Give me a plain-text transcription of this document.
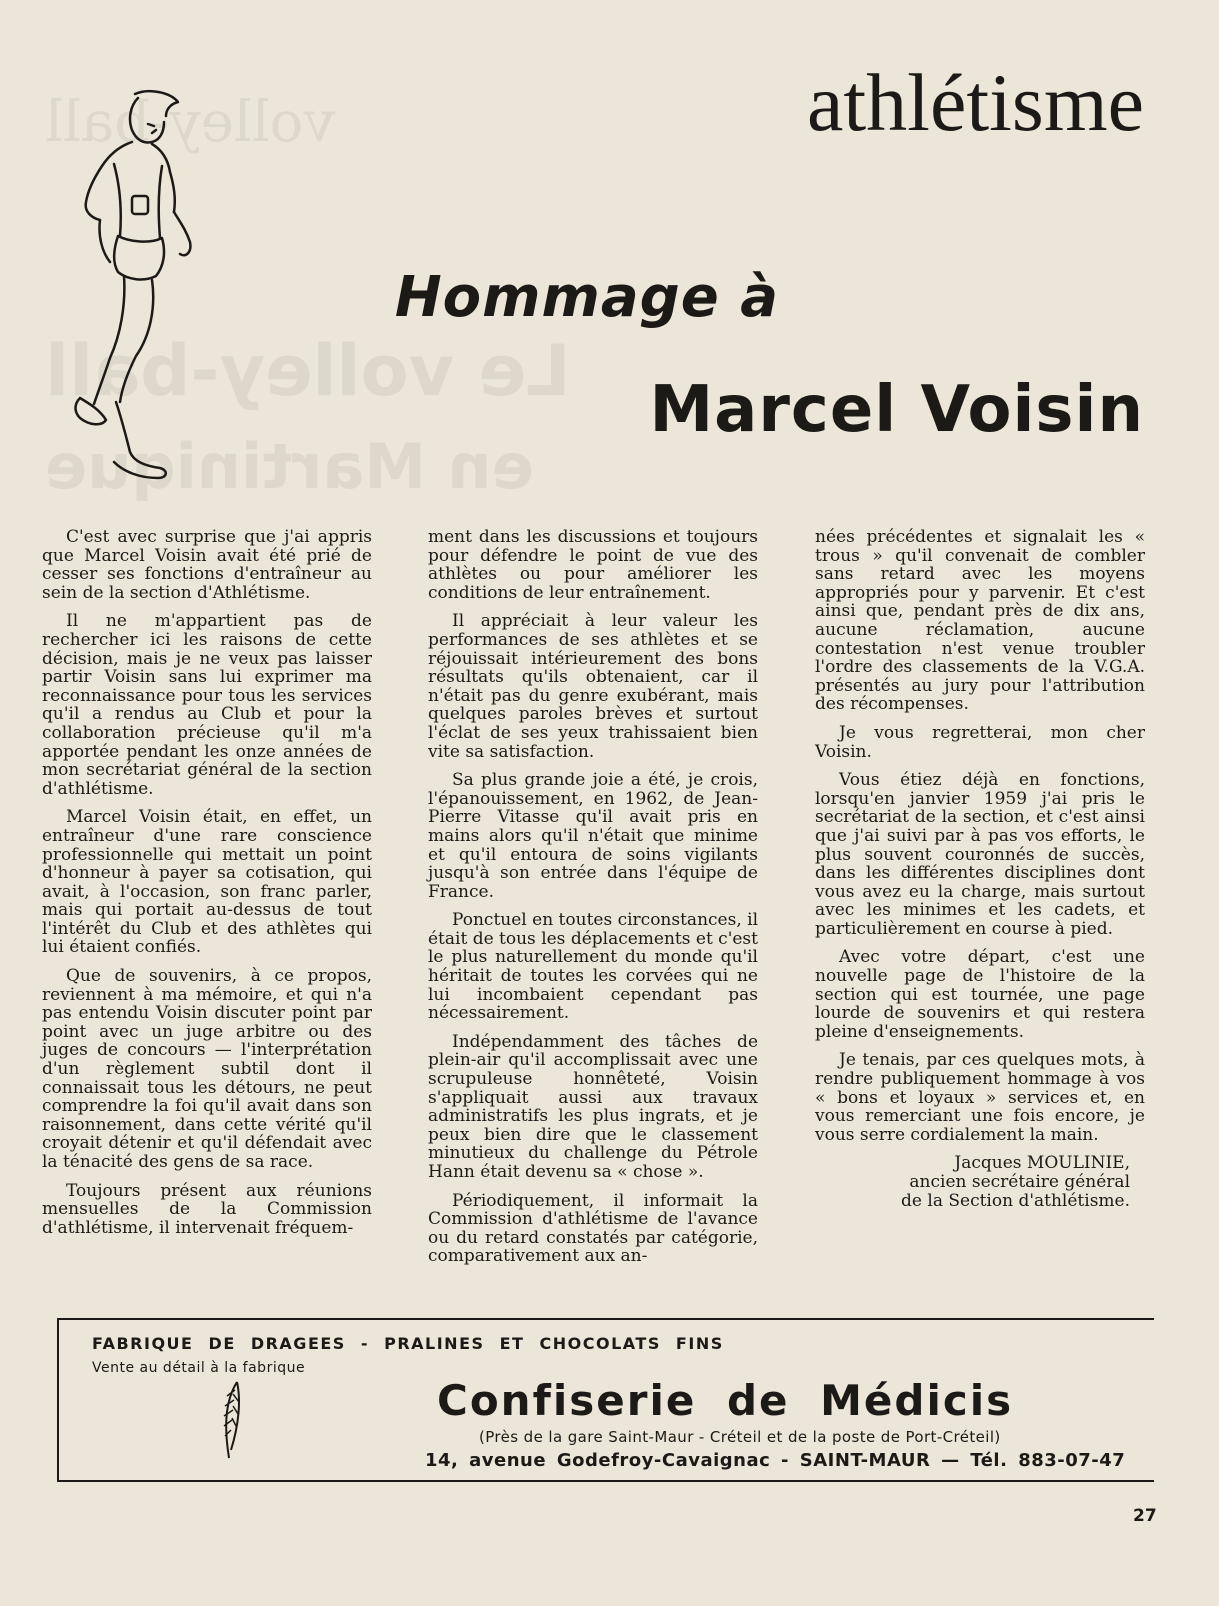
volley-ball
Le volley-ball
en Martinique
athlétisme
Hommage à
Marcel Voisin

C'est avec surprise que j'ai appris que Marcel Voisin avait été prié de cesser ses fonctions d'entraîneur au sein de la section d'Athlétisme.

Il ne m'appartient pas de rechercher ici les raisons de cette décision, mais je ne veux pas laisser partir Voisin sans lui exprimer ma reconnaissance pour tous les services qu'il a rendus au Club et pour la collaboration précieuse qu'il m'a apportée pendant les onze années de mon secrétariat général de la section d'athlétisme.

Marcel Voisin était, en effet, un entraîneur d'une rare conscience professionnelle qui mettait un point d'honneur à payer sa cotisation, qui avait, à l'occasion, son franc parler, mais qui portait au-dessus de tout l'intérêt du Club et des athlètes qui lui étaient confiés.

Que de souvenirs, à ce propos, reviennent à ma mémoire, et qui n'a pas entendu Voisin discuter point par point avec un juge arbitre ou des juges de concours — l'interprétation d'un règlement subtil dont il connaissait tous les détours, ne peut comprendre la foi qu'il avait dans son raisonnement, dans cette vérité qu'il croyait détenir et qu'il défendait avec la ténacité des gens de sa race.

Toujours présent aux réunions mensuelles de la Commission d'athlétisme, il intervenait fréquem-

ment dans les discussions et toujours pour défendre le point de vue des athlètes ou pour améliorer les conditions de leur entraînement.

Il appréciait à leur valeur les performances de ses athlètes et se réjouissait intérieurement des bons résultats qu'ils obtenaient, car il n'était pas du genre exubérant, mais quelques paroles brèves et surtout l'éclat de ses yeux trahissaient bien vite sa satisfaction.

Sa plus grande joie a été, je crois, l'épanouissement, en 1962, de Jean-Pierre Vitasse qu'il avait pris en mains alors qu'il n'était que minime et qu'il entoura de soins vigilants jusqu'à son entrée dans l'équipe de France.

Ponctuel en toutes circonstances, il était de tous les déplacements et c'est le plus naturellement du monde qu'il héritait de toutes les corvées qui ne lui incombaient cependant pas nécessairement.

Indépendamment des tâches de plein-air qu'il accomplissait avec une scrupuleuse honnêteté, Voisin s'appliquait aussi aux travaux administratifs les plus ingrats, et je peux bien dire que le classement minutieux du challenge du Pétrole Hann était devenu sa « chose ».

Périodiquement, il informait la Commission d'athlétisme de l'avance ou du retard constatés par catégorie, comparativement aux an-

nées précédentes et signalait les « trous » qu'il convenait de combler sans retard avec les moyens appropriés pour y parvenir. Et c'est ainsi que, pendant près de dix ans, aucune réclamation, aucune contestation n'est venue troubler l'ordre des classements de la V.G.A. présentés au jury pour l'attribution des récompenses.

Je vous regretterai, mon cher Voisin.

Vous étiez déjà en fonctions, lorsqu'en janvier 1959 j'ai pris le secrétariat de la section, et c'est ainsi que j'ai suivi par à pas vos efforts, le plus souvent couronnés de succès, dans les différentes disciplines dont vous avez eu la charge, mais surtout avec les minimes et les cadets, et particulièrement en course à pied.

Avec votre départ, c'est une nouvelle page de l'histoire de la section qui est tournée, une page lourde de souvenirs et qui restera pleine d'enseignements.

Je tenais, par ces quelques mots, à rendre publiquement hommage à vos « bons et loyaux » services et, en vous remerciant une fois encore, je vous serre cordialement la main.

Jacques MOULINIE,
ancien secrétaire général
de la Section d'athlétisme.
FABRIQUE DE DRAGEES - PRALINES ET CHOCOLATS FINS
Vente au détail à la fabrique
Confiserie de Médicis
(Près de la gare Saint-Maur - Créteil et de la poste de Port-Créteil)
14, avenue Godefroy-Cavaignac - SAINT-MAUR — Tél. 883-07-47
27
